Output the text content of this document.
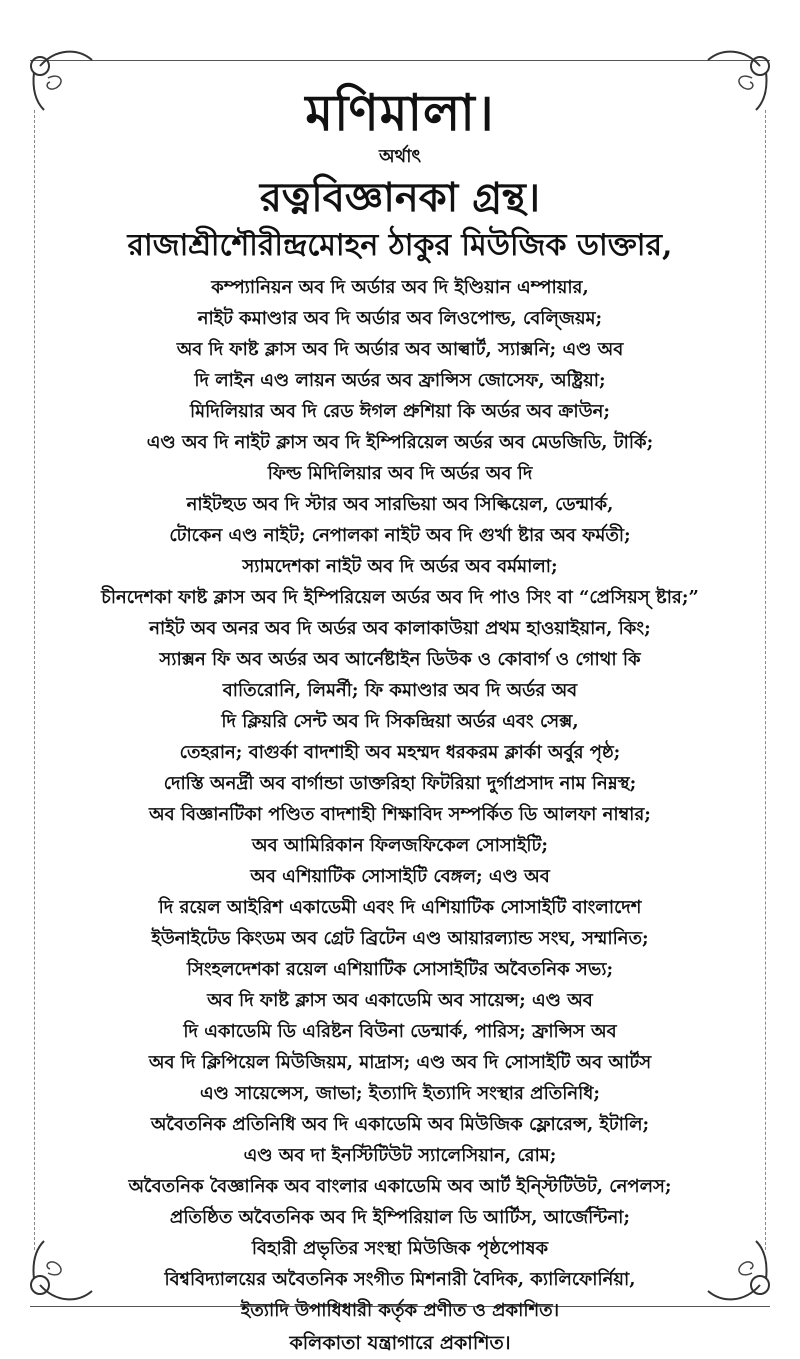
মণিমালা।
অর্থাৎ
রত্নবিজ্ঞানকা গ্রন্থ।
রাজাশ্রীশৌরীন্দ্রমোহন ঠাকুর মিউজিক ডাক্তার,
কম্প্যানিয়ন অব দি অর্ডার অব দি ইণ্ডিয়ান এম্পায়ার,
নাইট কমাণ্ডার অব দি অর্ডার অব লিওপোল্ড, বেল্জিয়ম;
অব দি ফাষ্ট ক্লাস অব দি অর্ডার অব আল্বার্ট, স্যাক্সনি; এণ্ড অব
দি লাইন এণ্ড লায়ন অর্ডর অব ফ্রান্সিস জোসেফ, অষ্ট্রিয়া;
মিদিলিয়ার অব দি রেড ঈগল প্রুশিয়া কি অর্ডর অব ক্রাউন;
এণ্ড অব দি নাইট ক্লাস অব দি ইম্পিরিয়েল অর্ডর অব মেডজিডি, টার্কি;
ফিল্ড মিদিলিয়ার অব দি অর্ডর অব দি
নাইটহুড অব দি স্টার অব সারভিয়া অব সিল্কিয়েল, ডেন্মার্ক,
টোকেন এণ্ড নাইট; নেপালকা নাইট অব দি গুর্খা ষ্টার অব ফর্মতী;
স্যামদেশকা নাইট অব দি অর্ডর অব বর্মমালা;
চীনদেশকা ফাষ্ট ক্লাস অব দি ইম্পিরিয়েল অর্ডর অব দি পাও সিং বা “প্রেসিয়স্ ষ্টার;”
নাইট অব অনর অব দি অর্ডর অব কালাকাউয়া প্রথম হাওয়াইয়ান, কিং;
স্যাক্সন ফি অব অর্ডর অব আর্নেষ্টাইন ডিউক ও কোবার্গ ও গোথা কি
বাতিরোনি, লিমর্নী; ফি কমাণ্ডার অব দি অর্ডর অব
দি ক্লিয়রি সেন্ট অব দি সিকন্দ্রিয়া অর্ডর এবং সেক্স,
তেহরান; বাগুর্কা বাদশাহী অব মহম্মদ ধরকরম ক্লার্কা অর্বুর পৃষ্ঠ;
দোস্তি অনর্দ্রী অব বার্গান্ডা ডাক্তরিহা ফিটরিয়া দুর্গাপ্রসাদ নাম নিম্নস্থ;
অব বিজ্ঞানটিকা পণ্ডিত বাদশাহী শিক্ষাবিদ সম্পর্কিত ডি আলফা নাম্বার;
অব আমিরিকান ফিলজফিকেল সোসাইটি;
অব এশিয়াটিক সোসাইটি বেঙ্গল; এণ্ড অব
দি রয়েল আইরিশ একাডেমী এবং দি এশিয়াটিক সোসাইটি বাংলাদেশ
ইউনাইটেড কিংডম অব গ্রেট ব্রিটেন এণ্ড আয়ারল্যান্ড সংঘ, সম্মানিত;
সিংহলদেশকা রয়েল এশিয়াটিক সোসাইটির অবৈতনিক সভ্য;
অব দি ফাষ্ট ক্লাস অব একাডেমি অব সায়েন্স; এণ্ড অব
দি একাডেমি ডি এরিষ্টন বিউনা ডেন্মার্ক, পারিস; ফ্রান্সিস অব
অব দি ক্লিপিয়েল মিউজিয়ম, মাদ্রাস; এণ্ড অব দি সোসাইটি অব আর্টস
এণ্ড সায়েন্সেস, জাভা; ইত্যাদি ইত্যাদি সংস্থার প্রতিনিধি;
অবৈতনিক প্রতিনিধি অব দি একাডেমি অব মিউজিক ফ্লোরেন্স, ইটালি;
এণ্ড অব দা ইনস্টিটিউট স্যালেসিয়ান, রোম;
অবৈতনিক বৈজ্ঞানিক অব বাংলার একাডেমি অব আর্ট ইন্স্টিটিউট, নেপলস;
প্রতিষ্ঠিত অবৈতনিক অব দি ইম্পিরিয়াল ডি আর্টিস, আর্জেন্টিনা;
বিহারী প্রভৃতির সংস্থা মিউজিক পৃষ্ঠপোষক
বিশ্ববিদ্যালয়ের অবৈতনিক সংগীত মিশনারী বৈদিক, ক্যালিফোর্নিয়া,
ইত্যাদি উপাধিধারী কর্তৃক প্রণীত ও প্রকাশিত।
কলিকাতা যন্ত্রাগারে প্রকাশিত।
